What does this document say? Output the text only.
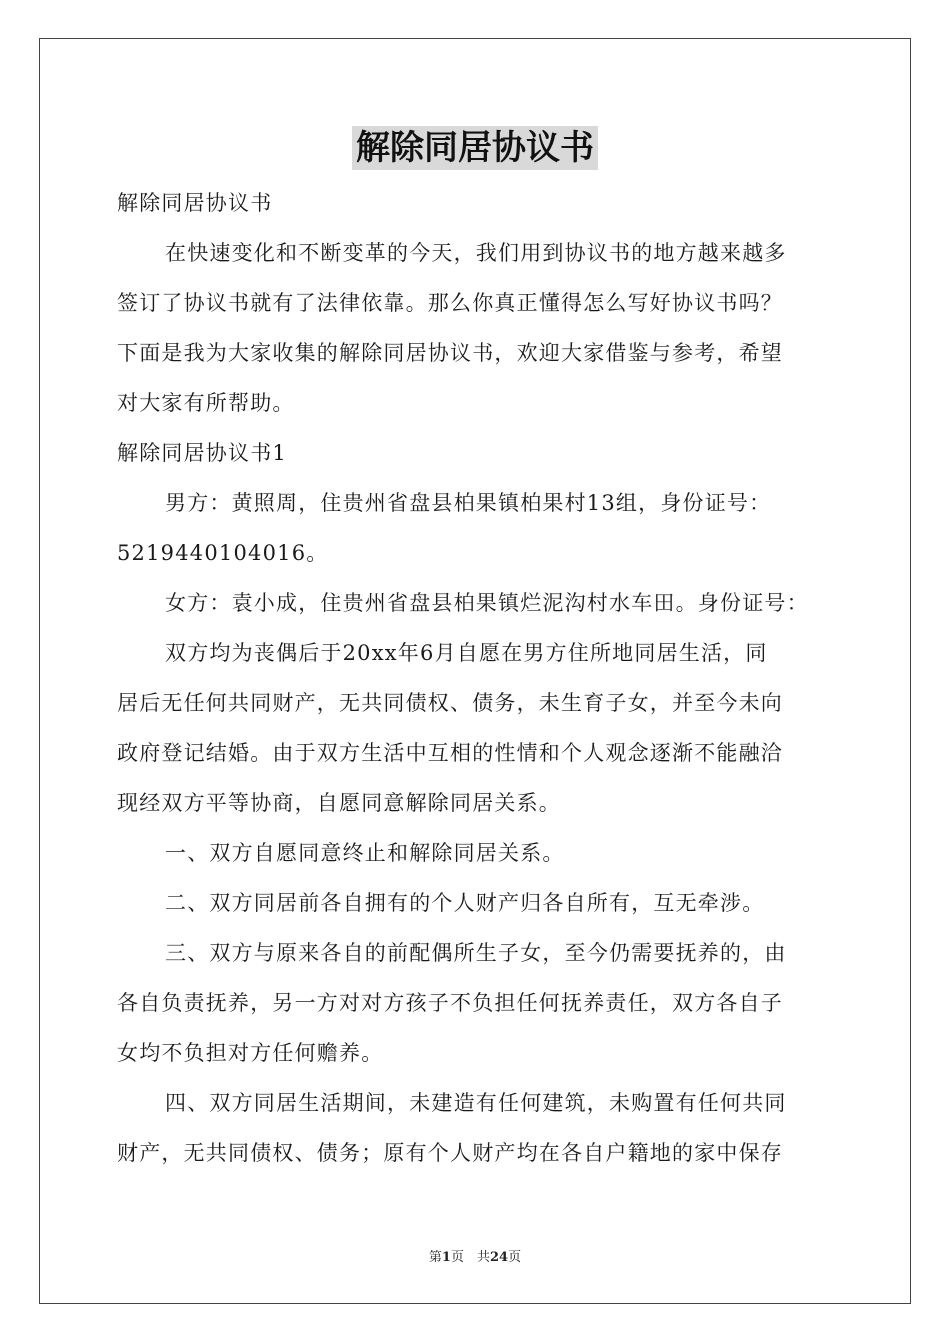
解除同居协议书
解除同居协议书
在快速变化和不断变革的今天，我们用到协议书的地方越来越多
签订了协议书就有了法律依靠。那么你真正懂得怎么写好协议书吗？
下面是我为大家收集的解除同居协议书，欢迎大家借鉴与参考，希望
对大家有所帮助。
解除同居协议书1
男方：黄照周，住贵州省盘县柏果镇柏果村13组，身份证号：
5219440104016。
女方：袁小成，住贵州省盘县柏果镇烂泥沟村水车田。身份证号：
双方均为丧偶后于20xx年6月自愿在男方住所地同居生活，同
居后无任何共同财产，无共同债权、债务，未生育子女，并至今未向
政府登记结婚。由于双方生活中互相的性情和个人观念逐渐不能融洽
现经双方平等协商，自愿同意解除同居关系。
一、双方自愿同意终止和解除同居关系。
二、双方同居前各自拥有的个人财产归各自所有，互无牵涉。
三、双方与原来各自的前配偶所生子女，至今仍需要抚养的，由
各自负责抚养，另一方对对方孩子不负担任何抚养责任，双方各自子
女均不负担对方任何赡养。
四、双方同居生活期间，未建造有任何建筑，未购置有任何共同
财产，无共同债权、债务；原有个人财产均在各自户籍地的家中保存
第1页　共24页
